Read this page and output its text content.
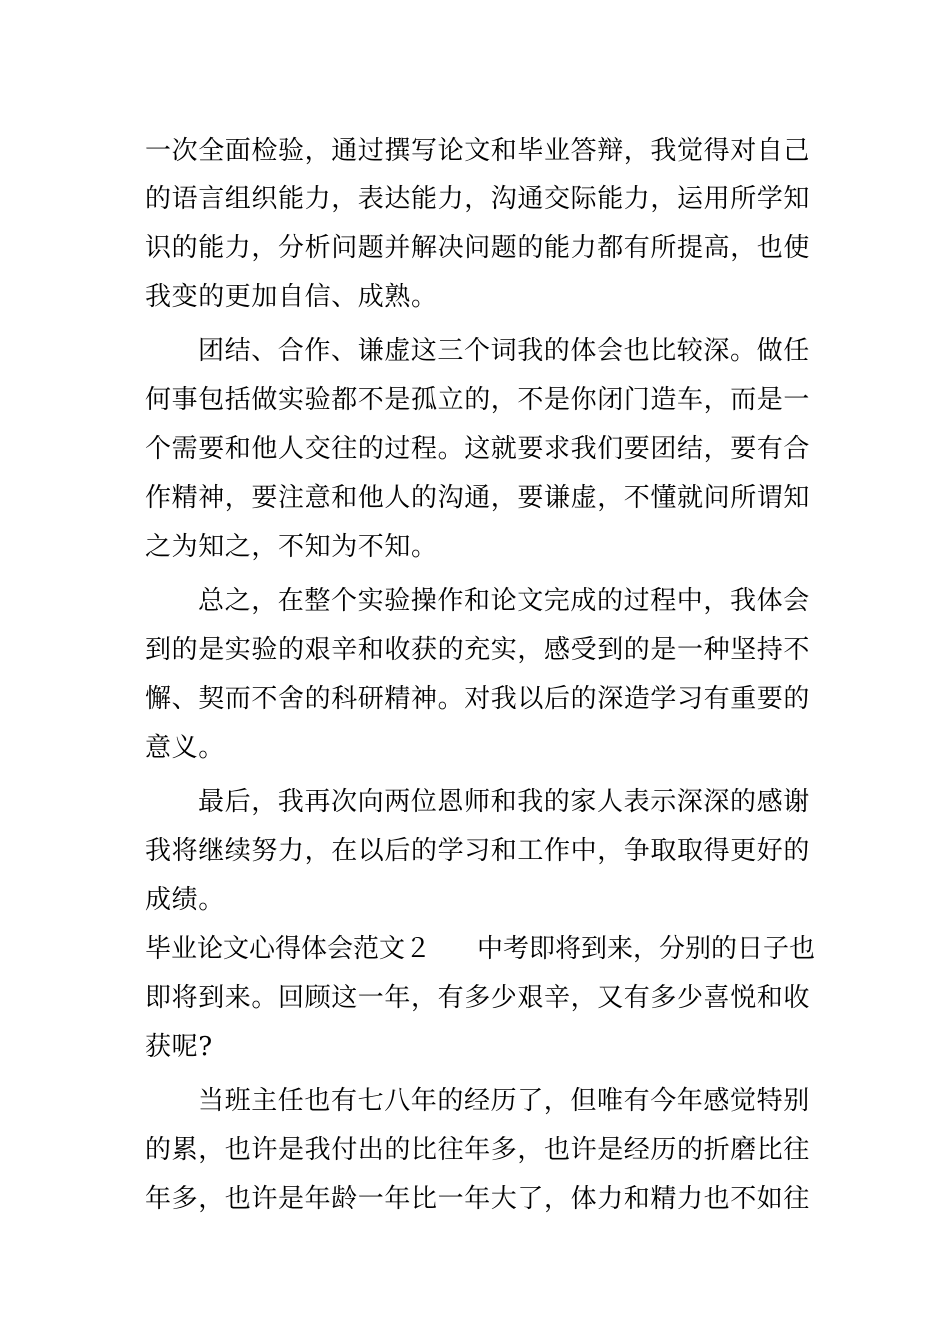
一次全面检验，通过撰写论文和毕业答辩，我觉得对自己
的语言组织能力，表达能力，沟通交际能力，运用所学知
识的能力，分析问题并解决问题的能力都有所提高，也使
我变的更加自信、成熟。
团结、合作、谦虚这三个词我的体会也比较深。做任
何事包括做实验都不是孤立的，不是你闭门造车，而是一
个需要和他人交往的过程。这就要求我们要团结，要有合
作精神，要注意和他人的沟通，要谦虚，不懂就问所谓知
之为知之，不知为不知。
总之，在整个实验操作和论文完成的过程中，我体会
到的是实验的艰辛和收获的充实，感受到的是一种坚持不
懈、契而不舍的科研精神。对我以后的深造学习有重要的
意义。
最后，我再次向两位恩师和我的家人表示深深的感谢
我将继续努力，在以后的学习和工作中，争取取得更好的
成绩。
毕业论文心得体会范文２ 中考即将到来，分别的日子也
即将到来。回顾这一年，有多少艰辛，又有多少喜悦和收
获呢?
当班主任也有七八年的经历了，但唯有今年感觉特别
的累，也许是我付出的比往年多，也许是经历的折磨比往
年多，也许是年龄一年比一年大了，体力和精力也不如往
